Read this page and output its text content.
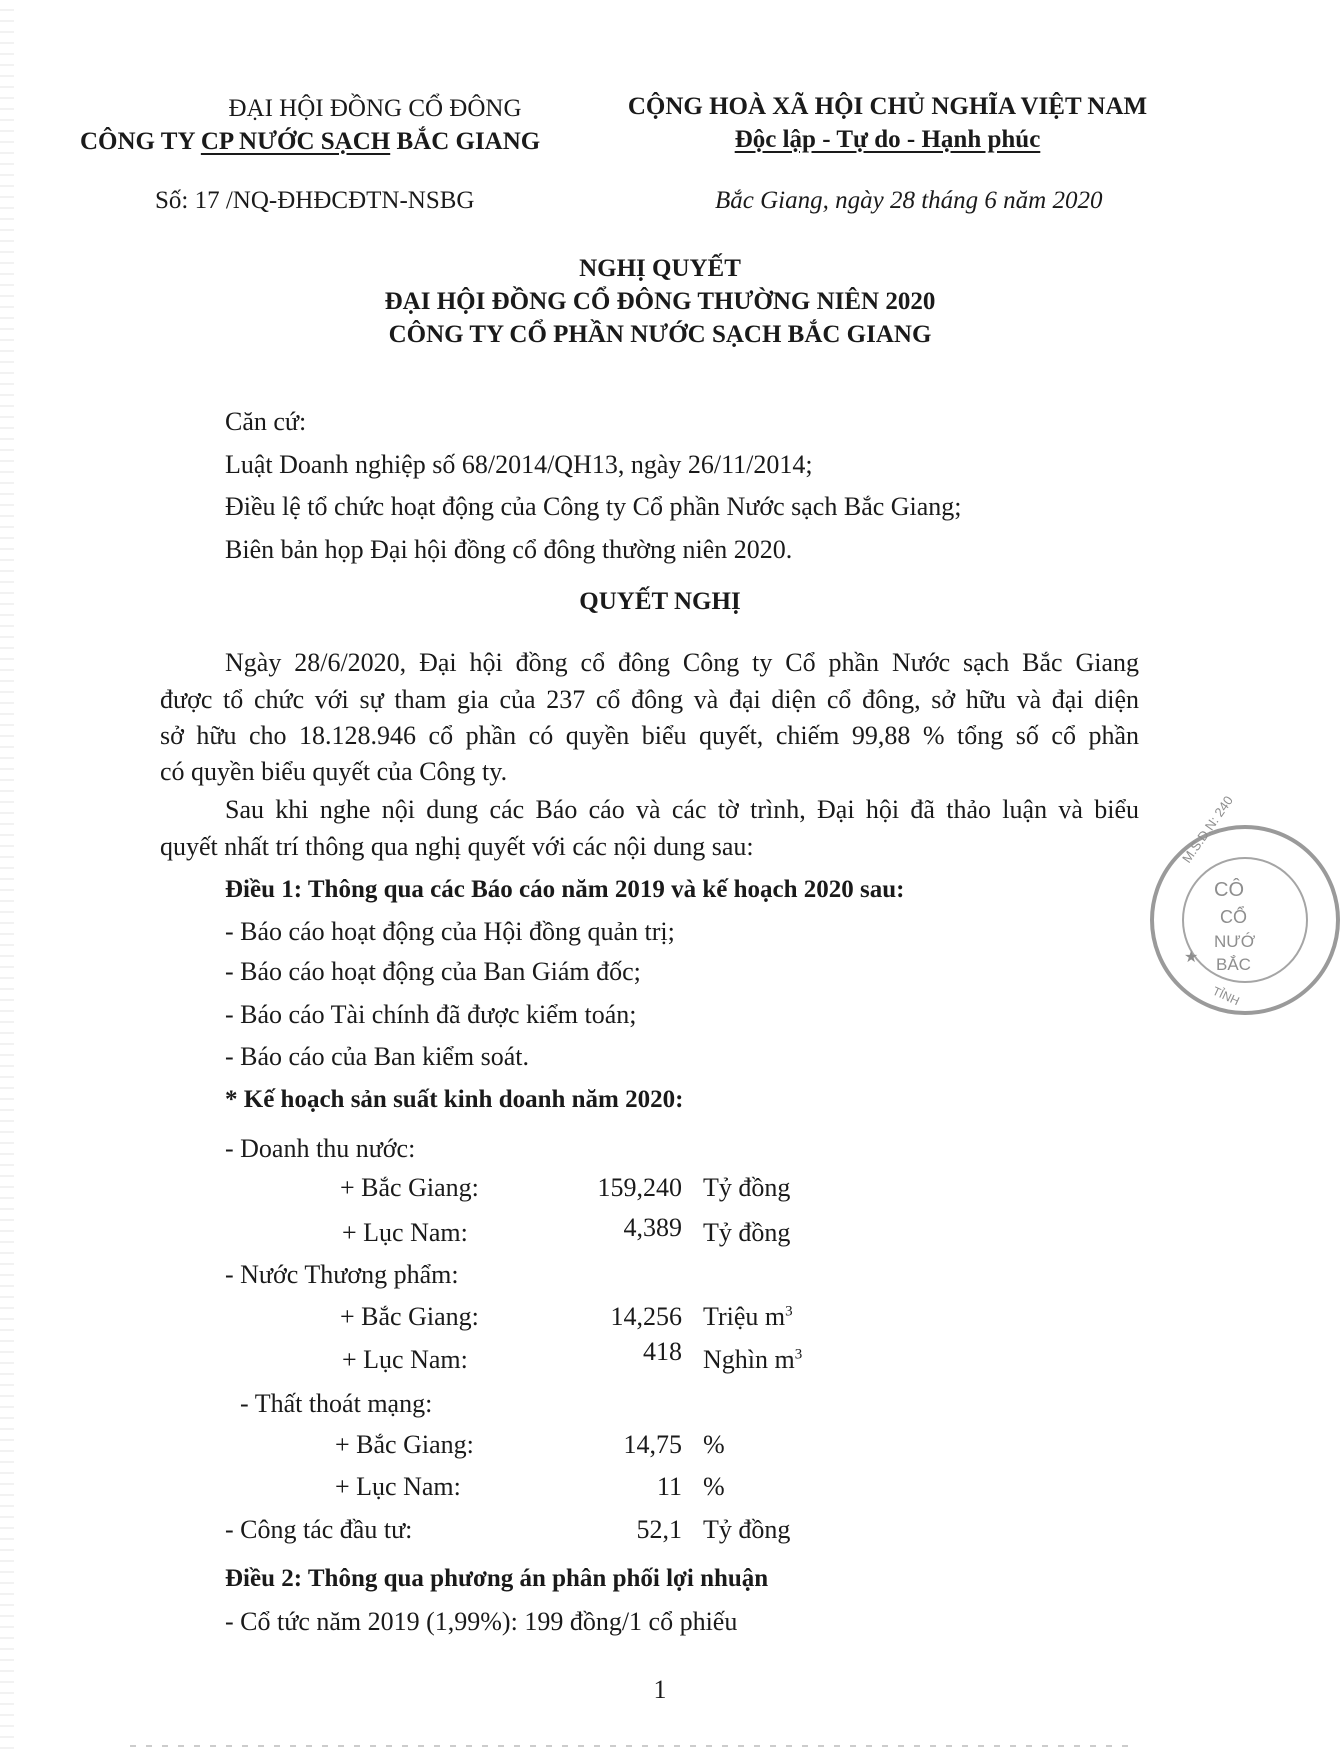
ĐẠI HỘI ĐỒNG CỔ ĐÔNG
CÔNG TY CP NƯỚC SẠCH BẮC GIANG
CỘNG HOÀ XÃ HỘI CHỦ NGHĨA VIỆT NAM
Độc lập - Tự do - Hạnh phúc
Số: 17 /NQ-ĐHĐCĐTN-NSBG	Bắc Giang, ngày 28 tháng 6 năm 2020
NGHỊ QUYẾT
ĐẠI HỘI ĐỒNG CỔ ĐÔNG THƯỜNG NIÊN 2020
CÔNG TY CỔ PHẦN NƯỚC SẠCH BẮC GIANG
Căn cứ:
Luật Doanh nghiệp số 68/2014/QH13, ngày 26/11/2014;
Điều lệ tổ chức hoạt động của Công ty Cổ phần Nước sạch Bắc Giang;
Biên bản họp Đại hội đồng cổ đông thường niên 2020.
QUYẾT NGHỊ
Ngày 28/6/2020, Đại hội đồng cổ đông Công ty Cổ phần Nước sạch Bắc Giang
được tổ chức với sự tham gia của 237 cổ đông và đại diện cổ đông, sở hữu và đại diện
sở hữu cho 18.128.946 cổ phần có quyền biểu quyết, chiếm 99,88 % tổng số cổ phần
có quyền biểu quyết của Công ty.
Sau khi nghe nội dung các Báo cáo và các tờ trình, Đại hội đã thảo luận và biểu
quyết nhất trí thông qua nghị quyết với các nội dung sau:
Điều 1: Thông qua các Báo cáo năm 2019 và kế hoạch 2020 sau:
- Báo cáo hoạt động của Hội đồng quản trị;
- Báo cáo hoạt động của Ban Giám đốc;
- Báo cáo Tài chính đã được kiểm toán;
- Báo cáo của Ban kiểm soát.
* Kế hoạch sản suất kinh doanh năm 2020:
- Doanh thu nước:
+ Bắc Giang:	159,240 Tỷ đồng
+ Lục Nam:	4,389 Tỷ đồng
- Nước Thương phẩm:
+ Bắc Giang:	14,256 Triệu $m^3$
+ Lục Nam:	418 Nghìn $m^3$
- Thất thoát mạng:
+ Bắc Giang:	14,75 %
+ Lục Nam:	11 %
- Công tác đầu tư:	52,1 Tỷ đồng
Điều 2: Thông qua phương án phân phối lợi nhuận
- Cổ tức năm 2019 (1,99%): 199 đồng/1 cổ phiếu
1
M.S.D.N: 240
CÔ
CỔ
NƯỚ
BẮC
★
TỈNH
